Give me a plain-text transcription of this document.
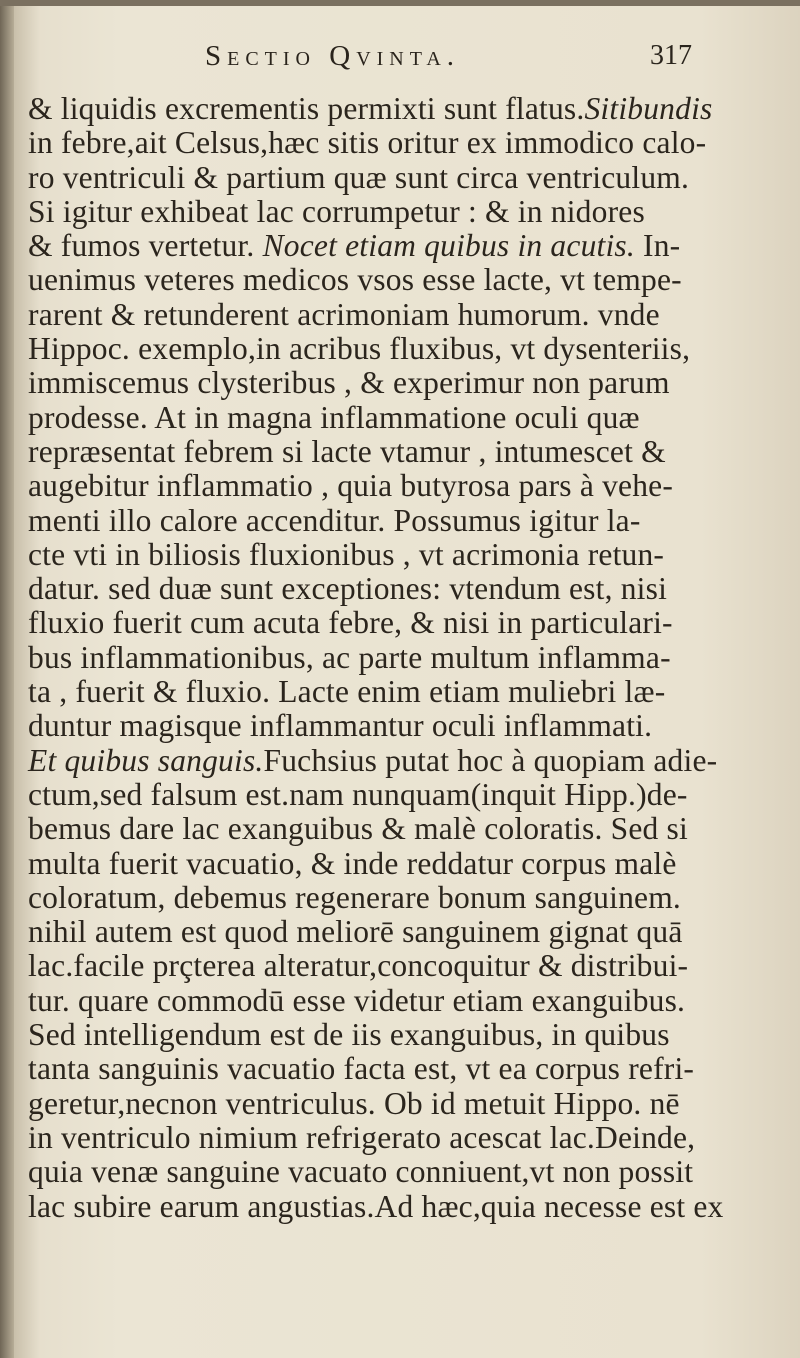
Sectio Qvinta.	317
& liquidis excrementis permixti sunt flatus.Sitibundis
in febre,ait Celsus,hæc sitis oritur ex immodico calo-
ro ventriculi & partium quæ sunt circa ventriculum.
Si igitur exhibeat lac corrumpetur : & in nidores
& fumos vertetur. Nocet etiam quibus in acutis. In-
uenimus veteres medicos vsos esse lacte, vt tempe-
rarent & retunderent acrimoniam humorum. vnde
Hippoc. exemplo,in acribus fluxibus, vt dysenteriis,
immiscemus clysteribus , & experimur non parum
prodesse. At in magna inflammatione oculi quæ
repræsentat febrem si lacte vtamur , intumescet &
augebitur inflammatio , quia butyrosa pars à vehe-
menti illo calore accenditur. Possumus igitur la-
cte vti in biliosis fluxionibus , vt acrimonia retun-
datur. sed duæ sunt exceptiones: vtendum est, nisi
fluxio fuerit cum acuta febre, & nisi in particulari-
bus inflammationibus, ac parte multum inflamma-
ta , fuerit & fluxio. Lacte enim etiam muliebri læ-
duntur magisque inflammantur oculi inflammati.
Et quibus sanguis.Fuchsius putat hoc à quopiam adie-
ctum,sed falsum est.nam nunquam(inquit Hipp.)de-
bemus dare lac exanguibus & malè coloratis. Sed si
multa fuerit vacuatio, & inde reddatur corpus malè
coloratum, debemus regenerare bonum sanguinem.
nihil autem est quod meliorē sanguinem gignat quā
lac.facile prçterea alteratur,concoquitur & distribui-
tur. quare commodū esse videtur etiam exanguibus.
Sed intelligendum est de iis exanguibus, in quibus
tanta sanguinis vacuatio facta est, vt ea corpus refri-
geretur,necnon ventriculus. Ob id metuit Hippo. nē
in ventriculo nimium refrigerato acescat lac.Deinde,
quia venæ sanguine vacuato conniuent,vt non possit
lac subire earum angustias.Ad hæc,quia necesse est ex
